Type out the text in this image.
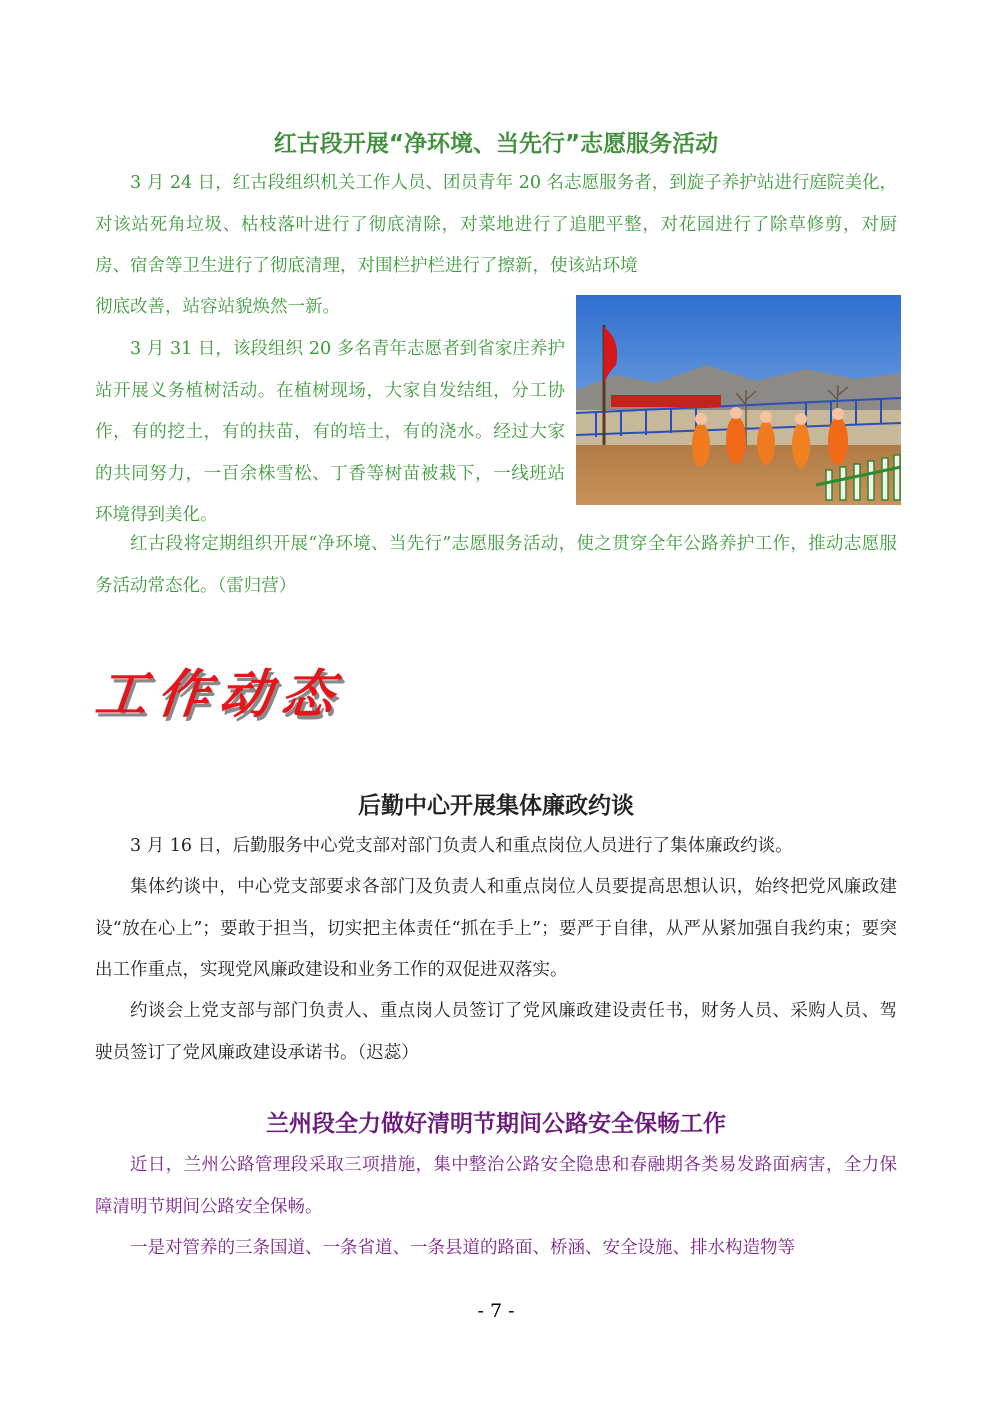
红古段开展“净环境、当先行”志愿服务活动

3 月 24 日，红古段组织机关工作人员、团员青年 20 名志愿服务者，到旋子养护站进行庭院美化，对该站死角垃圾、枯枝落叶进行了彻底清除，对菜地进行了追肥平整，对花园进行了除草修剪，对厨房、宿舍等卫生进行了彻底清理，对围栏护栏进行了擦新，使该站环境

彻底改善，站容站貌焕然一新。

3 月 31 日，该段组织 20 多名青年志愿者到省家庄养护站开展义务植树活动。在植树现场，大家自发结组，分工协作，有的挖土，有的扶苗，有的培土，有的浇水。经过大家的共同努力，一百余株雪松、丁香等树苗被栽下，一线班站环境得到美化。

红古段将定期组织开展“净环境、当先行”志愿服务活动，使之贯穿全年公路养护工作，推动志愿服务活动常态化。（雷归营）

工作动态
后勤中心开展集体廉政约谈

3 月 16 日，后勤服务中心党支部对部门负责人和重点岗位人员进行了集体廉政约谈。

集体约谈中，中心党支部要求各部门及负责人和重点岗位人员要提高思想认识，始终把党风廉政建设“放在心上”；要敢于担当，切实把主体责任“抓在手上”；要严于自律，从严从紧加强自我约束；要突出工作重点，实现党风廉政建设和业务工作的双促进双落实。

约谈会上党支部与部门负责人、重点岗人员签订了党风廉政建设责任书，财务人员、采购人员、驾驶员签订了党风廉政建设承诺书。（迟蕊）

兰州段全力做好清明节期间公路安全保畅工作

近日，兰州公路管理段采取三项措施，集中整治公路安全隐患和春融期各类易发路面病害，全力保障清明节期间公路安全保畅。

一是对管养的三条国道、一条省道、一条县道的路面、桥涵、安全设施、排水构造物等

- 7 -
